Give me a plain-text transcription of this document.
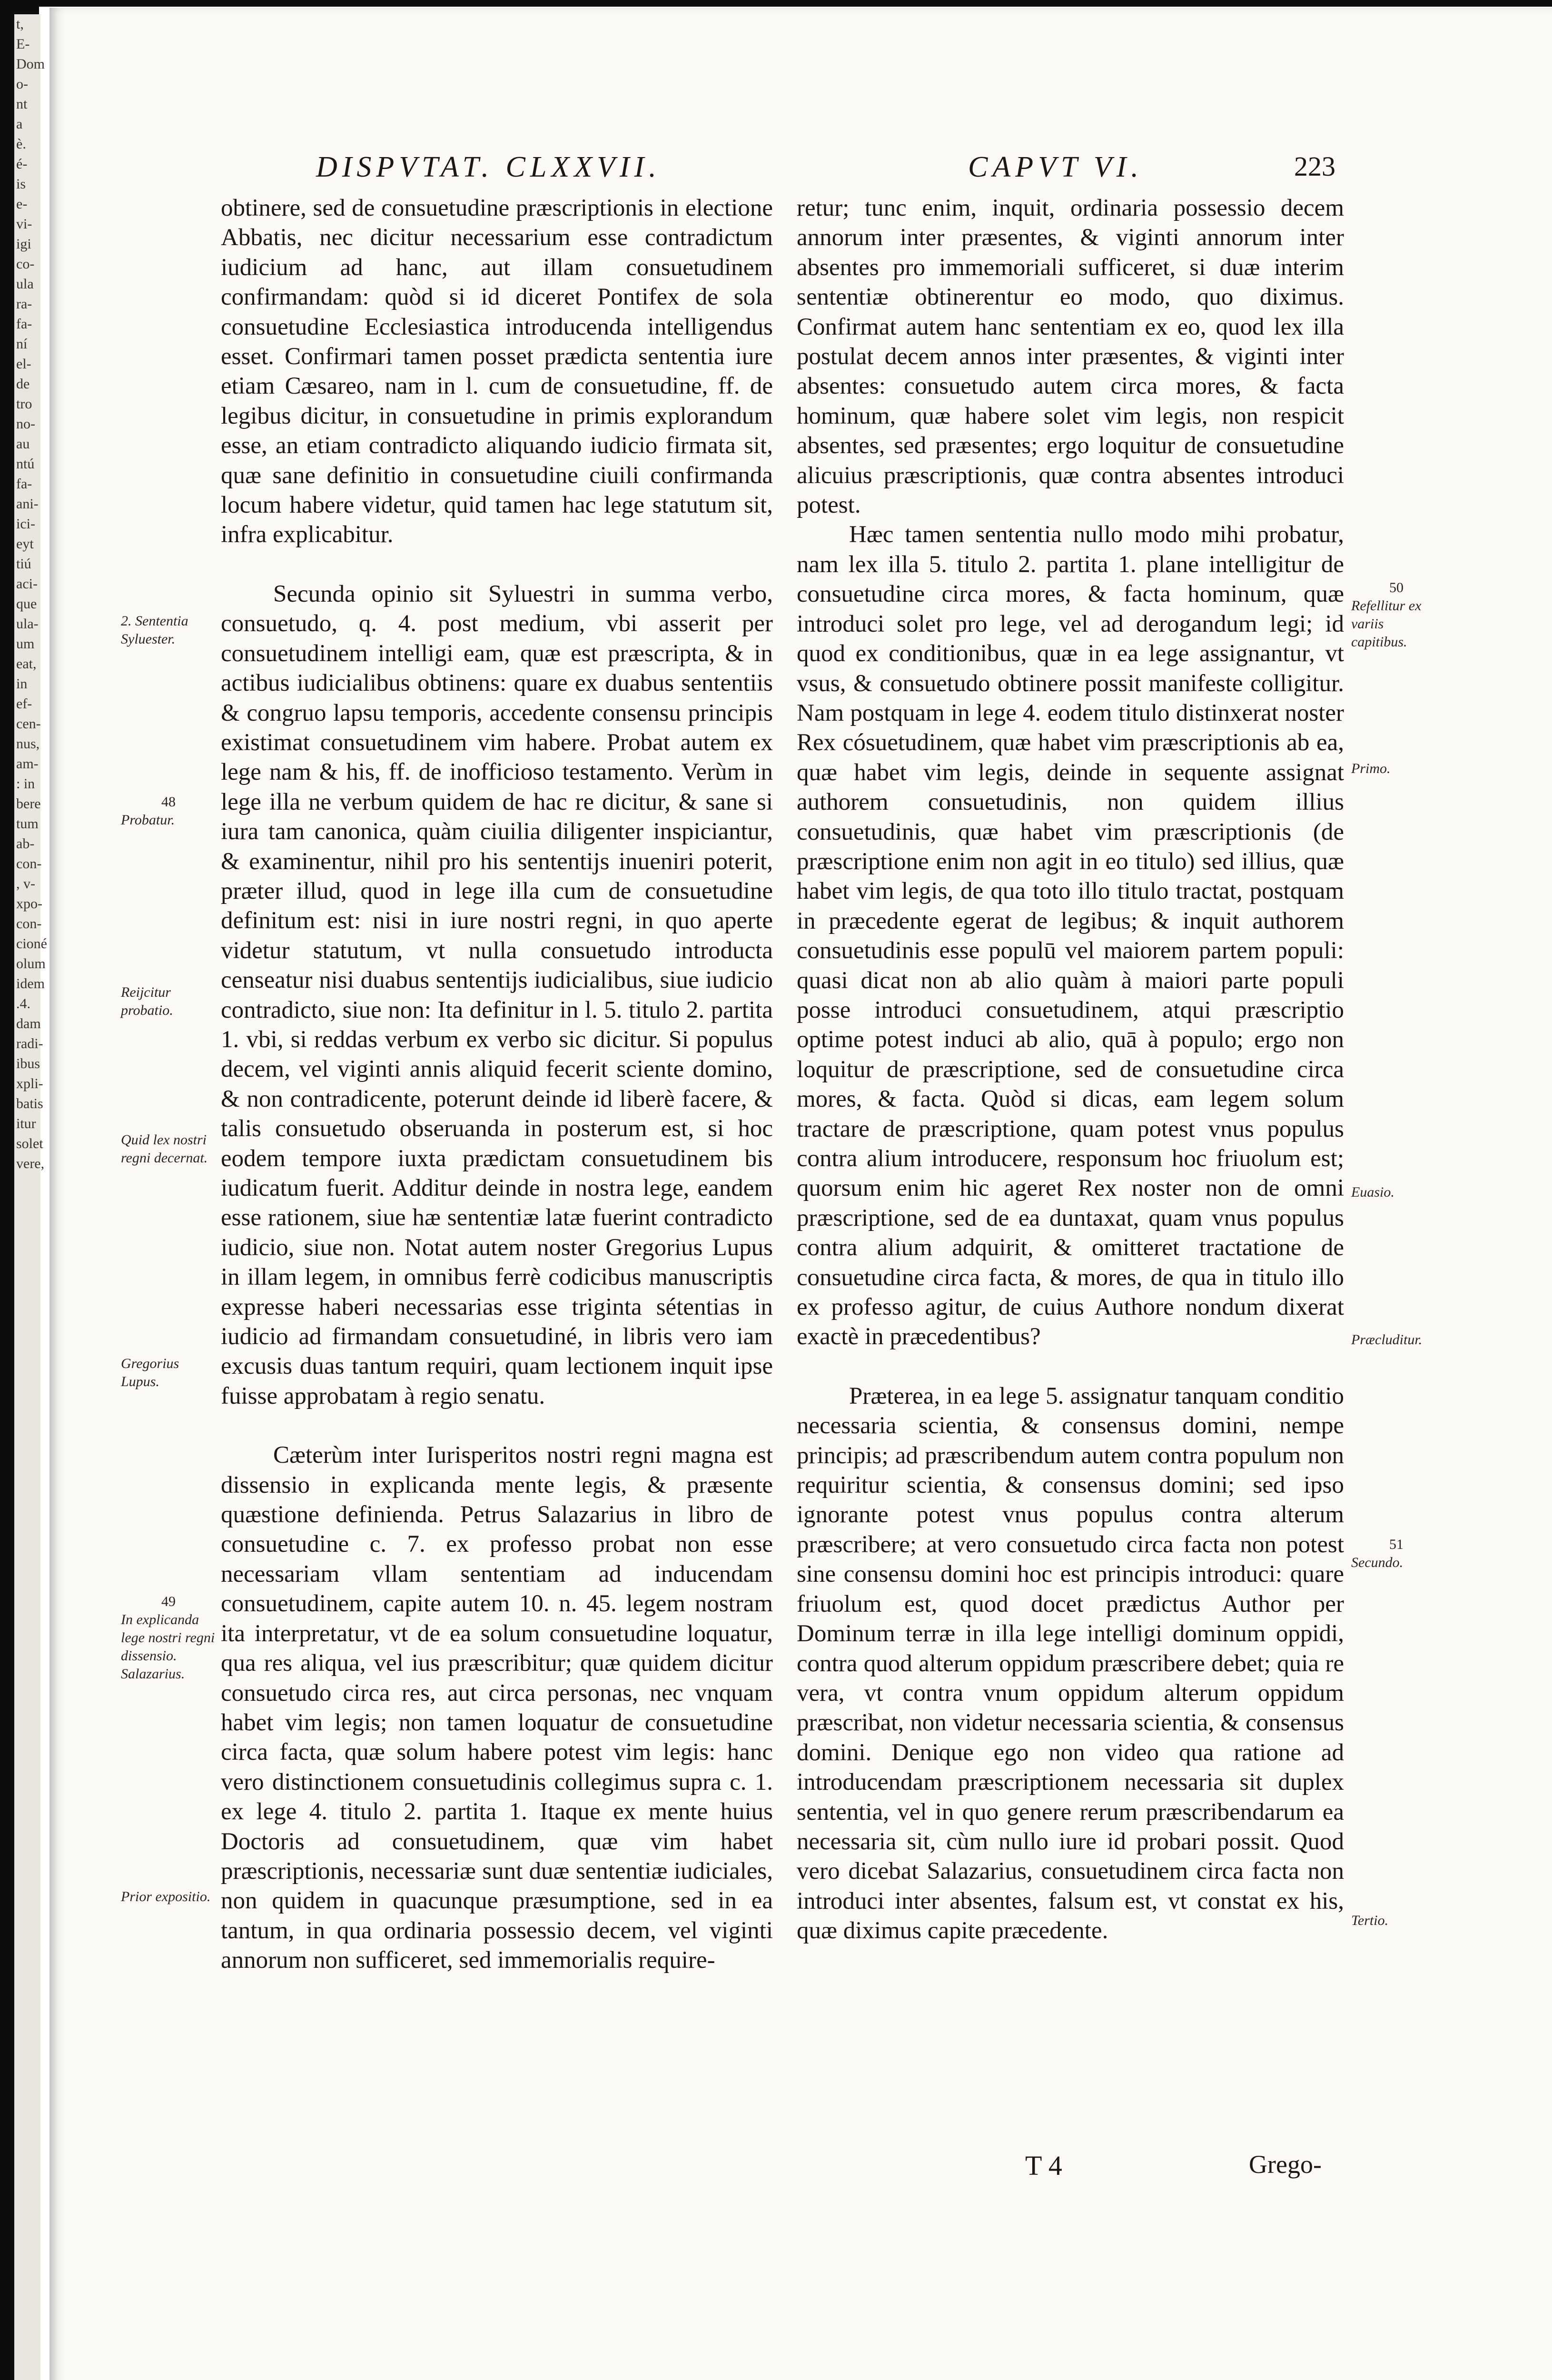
t,
E-
Dom
o-
nt
a
è.
é-
is
e-
vi-
igi
co-
ula
ra-
fa-
ní
el-
de
tro
no-
au
ntú
fa-
ani-
ici-
eyt
tiú
aci-
que
ula-
um
eat,
in
ef-
cen-
nus,
am-
: in
bere
tum
ab-
con-
, v-
xpo-
con-
cioné
olum
idem
.4.
dam
radi-
ibus
xpli-
batis
itur
solet
vere,
DISPVTAT. CLXXVII.	CAPVT VI.	223
2. Sententia Syluester.
48
Probatur.
Reijcitur probatio.
Quid lex nostri regni decernat.
Gregorius Lupus.
49
In explicanda lege nostri regni dissensio. Salazarius.
Prior expositio.

obtinere, sed de consuetudine præscriptionis in electione Abbatis, nec dicitur necessarium esse contradictum iudicium ad hanc, aut illam consuetudinem confirmandam: quòd si id diceret Pontifex de sola consuetudine Ecclesiastica introducenda intelligendus esset. Confirmari tamen posset prædicta sententia iure etiam Cæsareo, nam in l. cum de consuetudine, ff. de legibus dicitur, in consuetudine in primis explorandum esse, an etiam contradicto aliquando iudicio firmata sit, quæ sane definitio in consuetudine ciuili confirmanda locum habere videtur, quid tamen hac lege statutum sit, infra explicabitur.

Secunda opinio sit Syluestri in summa verbo, consuetudo, q. 4. post medium, vbi asserit per consuetudinem intelligi eam, quæ est præscripta, & in actibus iudicialibus obtinens: quare ex duabus sententiis & congruo lapsu temporis, accedente consensu principis existimat consuetudinem vim habere. Probat autem ex lege nam & his, ff. de inofficioso testamento. Verùm in lege illa ne verbum quidem de hac re dicitur, & sane si iura tam canonica, quàm ciuilia diligenter inspiciantur, & examinentur, nihil pro his sententijs inueniri poterit, præter illud, quod in lege illa cum de consuetudine definitum est: nisi in iure nostri regni, in quo aperte videtur statutum, vt nulla consuetudo introducta censeatur nisi duabus sententijs iudicialibus, siue iudicio contradicto, siue non: Ita definitur in l. 5. titulo 2. partita 1. vbi, si reddas verbum ex verbo sic dicitur. Si populus decem, vel viginti annis aliquid fecerit sciente domino, & non contradicente, poterunt deinde id liberè facere, & talis consuetudo obseruanda in posterum est, si hoc eodem tempore iuxta prædictam consuetudinem bis iudicatum fuerit. Additur deinde in nostra lege, eandem esse rationem, siue hæ sententiæ latæ fuerint contradicto iudicio, siue non. Notat autem noster Gregorius Lupus in illam legem, in omnibus ferrè codicibus manuscriptis expresse haberi necessarias esse triginta sétentias in iudicio ad firmandam consuetudiné, in libris vero iam excusis duas tantum requiri, quam lectionem inquit ipse fuisse approbatam à regio senatu.

Cæterùm inter Iurisperitos nostri regni magna est dissensio in explicanda mente legis, & præsente quæstione definienda. Petrus Salazarius in libro de consuetudine c. 7. ex professo probat non esse necessariam vllam sententiam ad inducendam consuetudinem, capite autem 10. n. 45. legem nostram ita interpretatur, vt de ea solum consuetudine loquatur, qua res aliqua, vel ius præscribitur; quæ quidem dicitur consuetudo circa res, aut circa personas, nec vnquam habet vim legis; non tamen loquatur de consuetudine circa facta, quæ solum habere potest vim legis: hanc vero distinctionem consuetudinis collegimus supra c. 1. ex lege 4. titulo 2. partita 1. Itaque ex mente huius Doctoris ad consuetudinem, quæ vim habet præscriptionis, necessariæ sunt duæ sententiæ iudiciales, non quidem in quacunque præsumptione, sed in ea tantum, in qua ordinaria possessio decem, vel viginti annorum non sufficeret, sed immemorialis require-

retur; tunc enim, inquit, ordinaria possessio decem annorum inter præsentes, & viginti annorum inter absentes pro immemoriali sufficeret, si duæ interim sententiæ obtinerentur eo modo, quo diximus. Confirmat autem hanc sententiam ex eo, quod lex illa postulat decem annos inter præsentes, & viginti inter absentes: consuetudo autem circa mores, & facta hominum, quæ habere solet vim legis, non respicit absentes, sed præsentes; ergo loquitur de consuetudine alicuius præscriptionis, quæ contra absentes introduci potest.

Hæc tamen sententia nullo modo mihi probatur, nam lex illa 5. titulo 2. partita 1. plane intelligitur de consuetudine circa mores, & facta hominum, quæ introduci solet pro lege, vel ad derogandum legi; id quod ex conditionibus, quæ in ea lege assignantur, vt vsus, & consuetudo obtinere possit manifeste colligitur. Nam postquam in lege 4. eodem titulo distinxerat noster Rex cósuetudinem, quæ habet vim præscriptionis ab ea, quæ habet vim legis, deinde in sequente assignat authorem consuetudinis, non quidem illius consuetudinis, quæ habet vim præscriptionis (de præscriptione enim non agit in eo titulo) sed illius, quæ habet vim legis, de qua toto illo titulo tractat, postquam in præcedente egerat de legibus; & inquit authorem consuetudinis esse populū vel maiorem partem populi: quasi dicat non ab alio quàm à maiori parte populi posse introduci consuetudinem, atqui præscriptio optime potest induci ab alio, quā à populo; ergo non loquitur de præscriptione, sed de consuetudine circa mores, & facta. Quòd si dicas, eam legem solum tractare de præscriptione, quam potest vnus populus contra alium introducere, responsum hoc friuolum est; quorsum enim hic ageret Rex noster non de omni præscriptione, sed de ea duntaxat, quam vnus populus contra alium adquirit, & omitteret tractatione de consuetudine circa facta, & mores, de qua in titulo illo ex professo agitur, de cuius Authore nondum dixerat exactè in præcedentibus?

Præterea, in ea lege 5. assignatur tanquam conditio necessaria scientia, & consensus domini, nempe principis; ad præscribendum autem contra populum non requiritur scientia, & consensus domini; sed ipso ignorante potest vnus populus contra alterum præscribere; at vero consuetudo circa facta non potest sine consensu domini hoc est principis introduci: quare friuolum est, quod docet prædictus Author per Dominum terræ in illa lege intelligi dominum oppidi, contra quod alterum oppidum præscribere debet; quia re vera, vt contra vnum oppidum alterum oppidum præscribat, non videtur necessaria scientia, & consensus domini. Denique ego non video qua ratione ad introducendam præscriptionem necessaria sit duplex sententia, vel in quo genere rerum præscribendarum ea necessaria sit, cùm nullo iure id probari possit. Quod vero dicebat Salazarius, consuetudinem circa facta non introduci inter absentes, falsum est, vt constat ex his, quæ diximus capite præcedente.

50
Refellitur ex variis capitibus.
Primo.
Euasio.
Præcluditur.
51
Secundo.
Tertio.
T 4	Grego-
